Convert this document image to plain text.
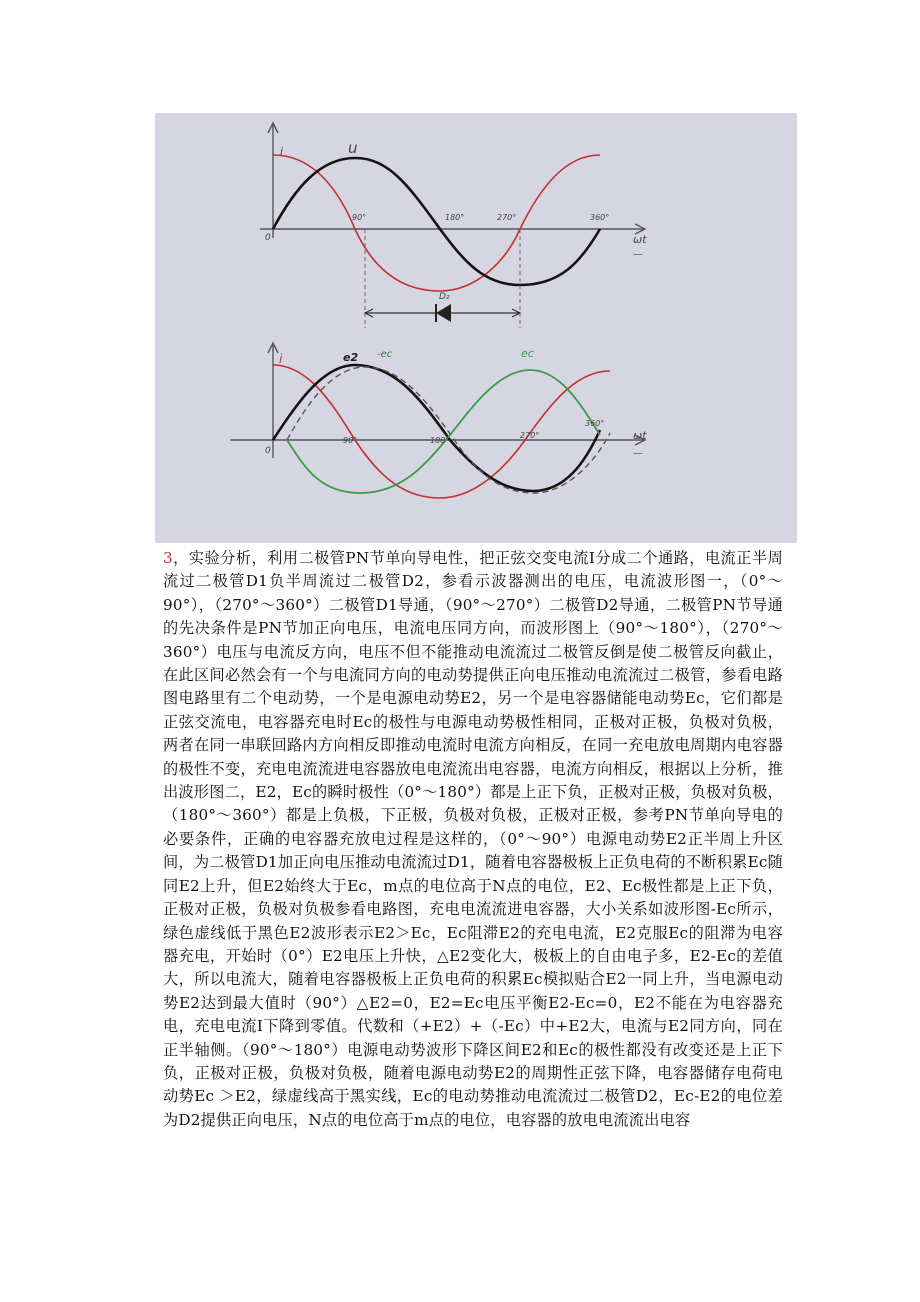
i	u
0
90°	180°	270°	360°
ωt
—
D₂
i	e2 -ec	ec
0
90°	180°
270°
360°
ωt
—

3，实验分析，利用二极管PN节单向导电性，把正弦交变电流I分成二个通路，电流正半周流过二极管D1负半周流过二极管D2，参看示波器测出的电压，电流波形图一，（0°～90°），（270°～360°）二极管D1导通，（90°～270°）二极管D2导通，二极管PN节导通的先决条件是PN节加正向电压，电流电压同方向，而波形图上（90°～180°），（270°～360°）电压与电流反方向，电压不但不能推动电流流过二极管反倒是使二极管反向截止，在此区间必然会有一个与电流同方向的电动势提供正向电压推动电流流过二极管，参看电路图电路里有二个电动势，一个是电源电动势E2，另一个是电容器储能电动势Ec，它们都是正弦交流电，电容器充电时Ec的极性与电源电动势极性相同，正极对正极，负极对负极，两者在同一串联回路内方向相反即推动电流时电流方向相反，在同一充电放电周期内电容器的极性不变，充电电流流进电容器放电电流流出电容器，电流方向相反，根据以上分析，推出波形图二，E2，Ec的瞬时极性（0°～180°）都是上正下负，正极对正极，负极对负极，（180°～360°）都是上负极，下正极，负极对负极，正极对正极，参考PN节单向导电的必要条件，正确的电容器充放电过程是这样的，（0°～90°）电源电动势E2正半周上升区间，为二极管D1加正向电压推动电流流过D1，随着电容器极板上正负电荷的不断积累Ec随同E2上升，但E2始终大于Ec，m点的电位高于N点的电位，E2、Ec极性都是上正下负，正极对正极，负极对负极参看电路图，充电电流流进电容器，大小关系如波形图-Ec所示，绿色虚线低于黑色E2波形表示E2＞Ec，Ec阻滞E2的充电电流，E2克服Ec的阻滞为电容器充电，开始时（0°）E2电压上升快，△E2变化大，极板上的自由电子多，E2-Ec的差值大，所以电流大，随着电容器极板上正负电荷的积累Ec模拟贴合E2一同上升，当电源电动势E2达到最大值时（90°）△E2=0，E2=Ec电压平衡E2-Ec=0，E2不能在为电容器充电，充电电流I下降到零值。代数和（+E2）+（-Ec）中+E2大，电流与E2同方向，同在正半轴侧。（90°～180°）电源电动势波形下降区间E2和Ec的极性都没有改变还是上正下负，正极对正极，负极对负极，随着电源电动势E2的周期性正弦下降，电容器储存电荷电动势Ec ＞E2，绿虚线高于黑实线，Ec的电动势推动电流流过二极管D2，Ec-E2的电位差为D2提供正向电压，N点的电位高于m点的电位，电容器的放电电流流出电容
